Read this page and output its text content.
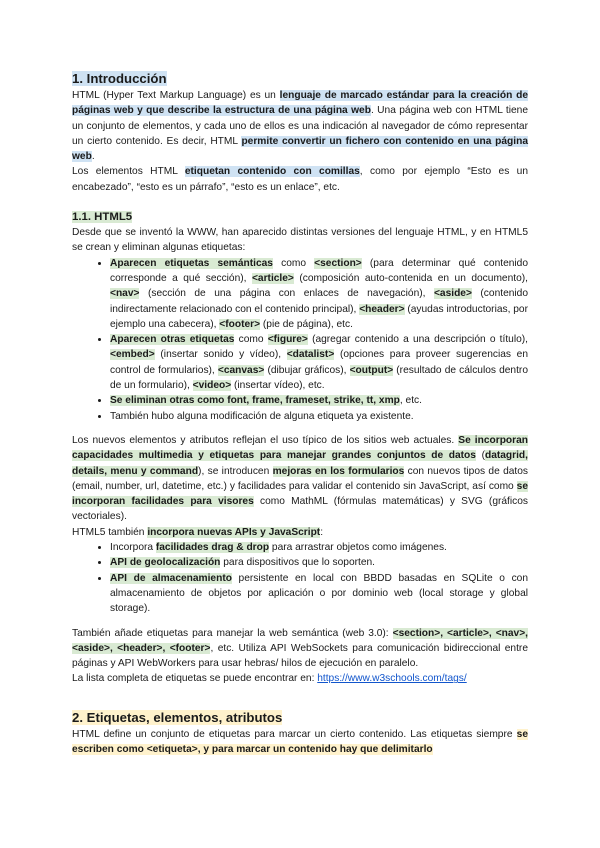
1. Introducción

HTML (Hyper Text Markup Language) es un lenguaje de marcado estándar para la creación de páginas web y que describe la estructura de una página web. Una página web con HTML tiene un conjunto de elementos, y cada uno de ellos es una indicación al navegador de cómo representar un cierto contenido. Es decir, HTML permite convertir un fichero con contenido en una página web.

Los elementos HTML etiquetan contenido con comillas, como por ejemplo “Esto es un encabezado”, “esto es un párrafo”, “esto es un enlace”, etc.

1.1. HTML5

Desde que se inventó la WWW, han aparecido distintas versiones del lenguaje HTML, y en HTML5 se crean y eliminan algunas etiquetas:

• Aparecen etiquetas semánticas como <section> (para determinar qué contenido corresponde a qué sección), <article> (composición auto-contenida en un documento), <nav> (sección de una página con enlaces de navegación), <aside> (contenido indirectamente relacionado con el contenido principal), <header> (ayudas introductorias, por ejemplo una cabecera), <footer> (pie de página), etc.
• Aparecen otras etiquetas como <figure> (agregar contenido a una descripción o título), <embed> (insertar sonido y vídeo), <datalist> (opciones para proveer sugerencias en control de formularios), <canvas> (dibujar gráficos), <output> (resultado de cálculos dentro de un formulario), <video> (insertar vídeo), etc.
• Se eliminan otras como font, frame, frameset, strike, tt, xmp, etc.
• También hubo alguna modificación de alguna etiqueta ya existente.

Los nuevos elementos y atributos reflejan el uso típico de los sitios web actuales. Se incorporan capacidades multimedia y etiquetas para manejar grandes conjuntos de datos (datagrid, details, menu y command), se introducen mejoras en los formularios con nuevos tipos de datos (email, number, url, datetime, etc.) y facilidades para validar el contenido sin JavaScript, así como se incorporan facilidades para visores como MathML (fórmulas matemáticas) y SVG (gráficos vectoriales).

HTML5 también incorpora nuevas APIs y JavaScript:

• Incorpora facilidades drag & drop para arrastrar objetos como imágenes.
• API de geolocalización para dispositivos que lo soporten.
• API de almacenamiento persistente en local con BBDD basadas en SQLite o con almacenamiento de objetos por aplicación o por dominio web (local storage y global storage).

También añade etiquetas para manejar la web semántica (web 3.0): <section>, <article>, <nav>, <aside>, <header>, <footer>, etc. Utiliza API WebSockets para comunicación bidireccional entre páginas y API WebWorkers para usar hebras/ hilos de ejecución en paralelo.

La lista completa de etiquetas se puede encontrar en: https://www.w3schools.com/tags/

2. Etiquetas, elementos, atributos

HTML define un conjunto de etiquetas para marcar un cierto contenido. Las etiquetas siempre se escriben como <etiqueta>, y para marcar un contenido hay que delimitarlo
